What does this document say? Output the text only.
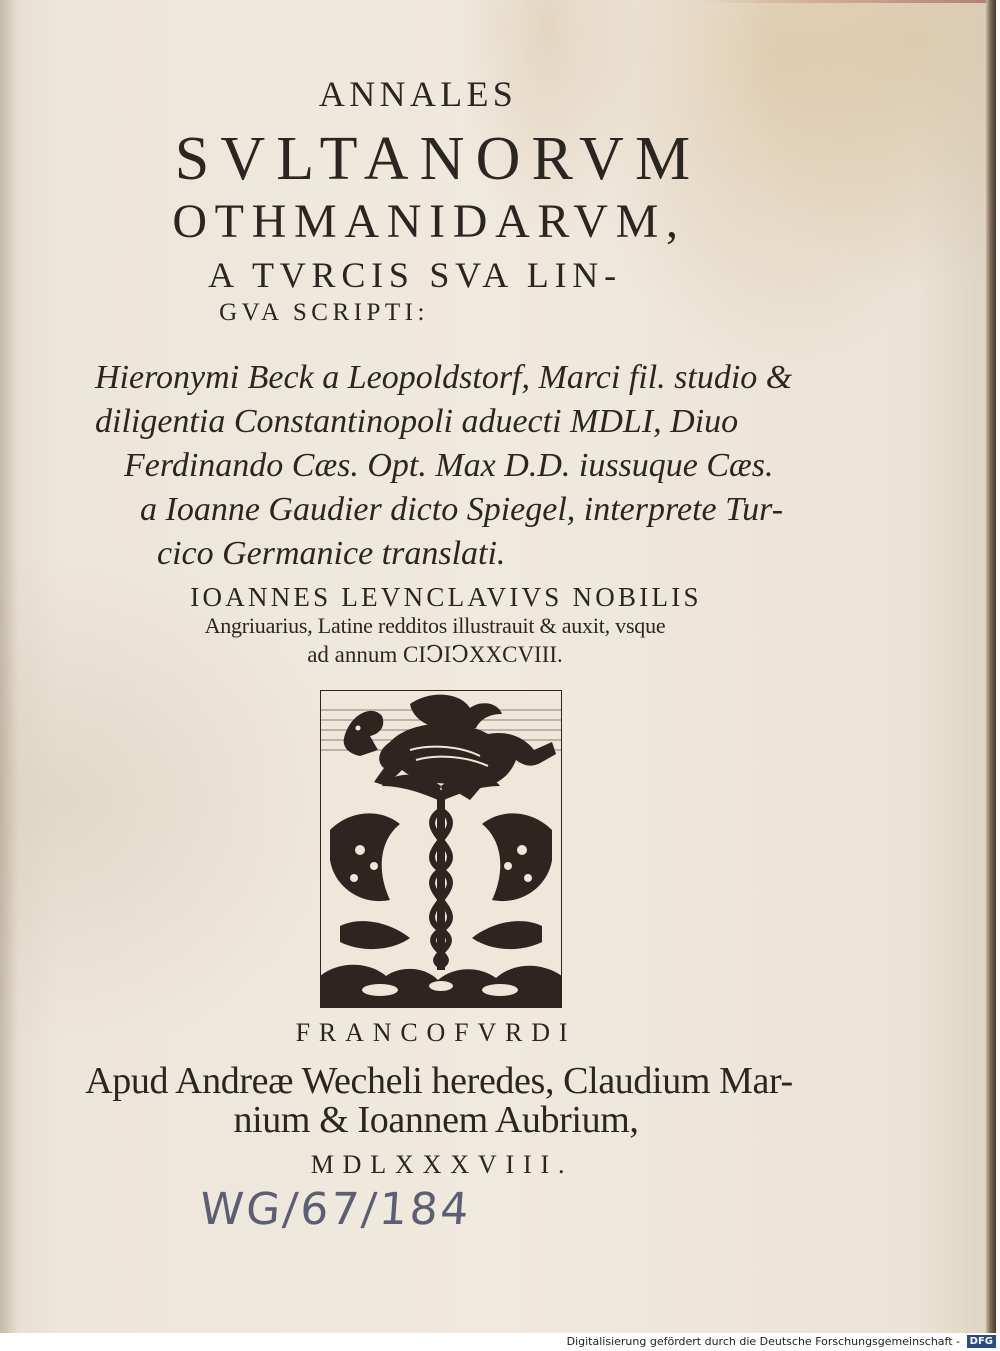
ANNALES
SVLTANORVM
OTHMANIDARVM,
A TVRCIS SVA LIN-
GVA SCRIPTI:
Hieronymi Beck a Leopoldstorf, Marci fil. studio &
diligentia Constantinopoli aduecti MDLI, Diuo
Ferdinando Cæs. Opt. Max D.D. iussuque Cæs.
a Ioanne Gaudier dicto Spiegel, interprete Tur-
cico Germanice translati.
IOANNES LEVNCLAVIVS NOBILIS
Angriuarius, Latine redditos illustrauit & auxit, vsque
ad annum CIↃIↃXXCVIII.
FRANCOFVRDI
Apud Andreæ Wecheli heredes, Claudium Mar-
nium & Ioannem Aubrium,
MDLXXXVIII.
WG/67/184
Digitalisierung gefördert durch die Deutsche Forschungsgemeinschaft - DFG
